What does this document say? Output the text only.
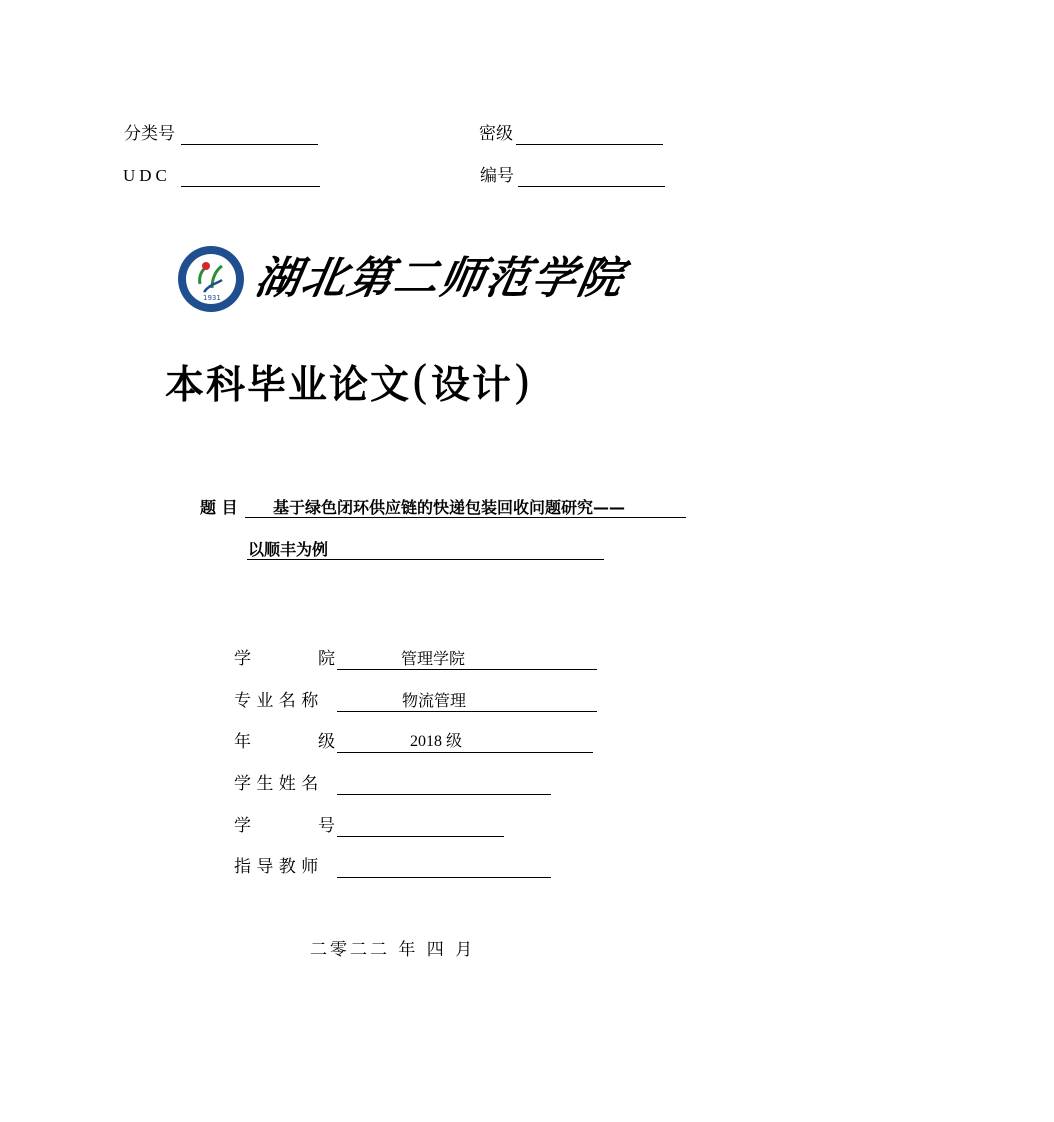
分类号	密级
UDC	编号
1931 湖北第二师范学院
本科毕业论文(设计)
题 目 基于绿色闭环供应链的快递包装回收问题研究——
以顺丰为例
学	院	管理学院
专 业 名 称	物流管理
年	级	2018 级
学 生 姓 名
学	号
指 导 教 师
二零二二 年 四 月
